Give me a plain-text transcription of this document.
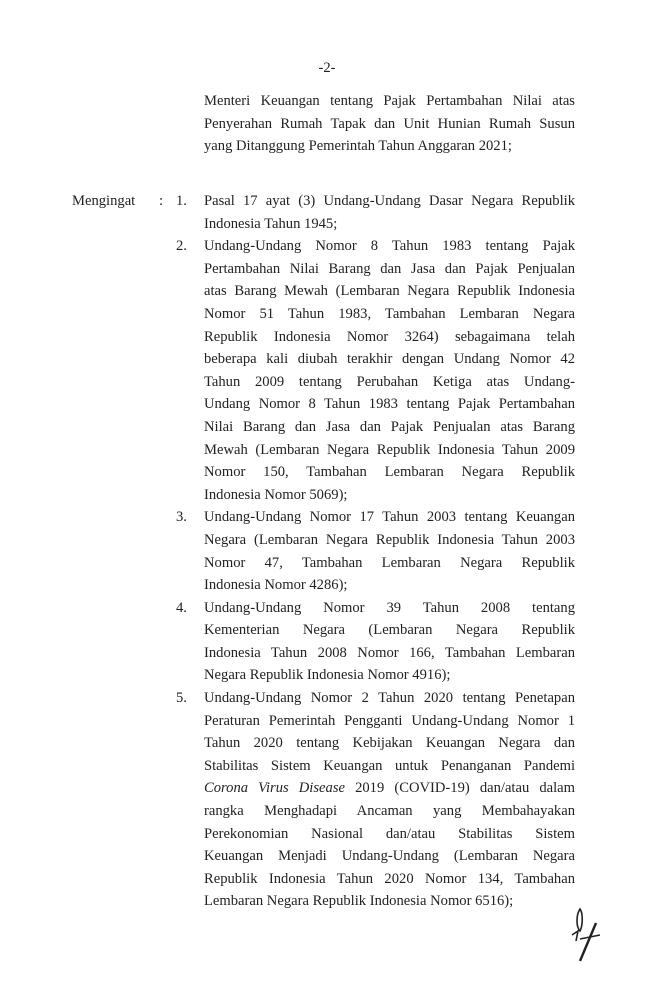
-2-
Menteri Keuangan tentang Pajak Pertambahan Nilai atas
Penyerahan Rumah Tapak dan Unit Hunian Rumah Susun
yang Ditanggung Pemerintah Tahun Anggaran 2021;
Mengingat : 1. Pasal 17 ayat (3) Undang-Undang Dasar Negara Republik
Indonesia Tahun 1945;
2. Undang-Undang Nomor 8 Tahun 1983 tentang Pajak
Pertambahan Nilai Barang dan Jasa dan Pajak Penjualan
atas Barang Mewah (Lembaran Negara Republik Indonesia
Nomor 51 Tahun 1983, Tambahan Lembaran Negara
Republik Indonesia Nomor 3264) sebagaimana telah
beberapa kali diubah terakhir dengan Undang Nomor 42
Tahun 2009 tentang Perubahan Ketiga atas Undang-
Undang Nomor 8 Tahun 1983 tentang Pajak Pertambahan
Nilai Barang dan Jasa dan Pajak Penjualan atas Barang
Mewah (Lembaran Negara Republik Indonesia Tahun 2009
Nomor 150, Tambahan Lembaran Negara Republik
Indonesia Nomor 5069);
3. Undang-Undang Nomor 17 Tahun 2003 tentang Keuangan
Negara (Lembaran Negara Republik Indonesia Tahun 2003
Nomor 47, Tambahan Lembaran Negara Republik
Indonesia Nomor 4286);
4. Undang-Undang Nomor 39 Tahun 2008 tentang
Kementerian Negara (Lembaran Negara Republik
Indonesia Tahun 2008 Nomor 166, Tambahan Lembaran
Negara Republik Indonesia Nomor 4916);
5. Undang-Undang Nomor 2 Tahun 2020 tentang Penetapan
Peraturan Pemerintah Pengganti Undang-Undang Nomor 1
Tahun 2020 tentang Kebijakan Keuangan Negara dan
Stabilitas Sistem Keuangan untuk Penanganan Pandemi
Corona Virus Disease 2019 (COVID-19) dan/atau dalam
rangka Menghadapi Ancaman yang Membahayakan
Perekonomian Nasional dan/atau Stabilitas Sistem
Keuangan Menjadi Undang-Undang (Lembaran Negara
Republik Indonesia Tahun 2020 Nomor 134, Tambahan
Lembaran Negara Republik Indonesia Nomor 6516);
